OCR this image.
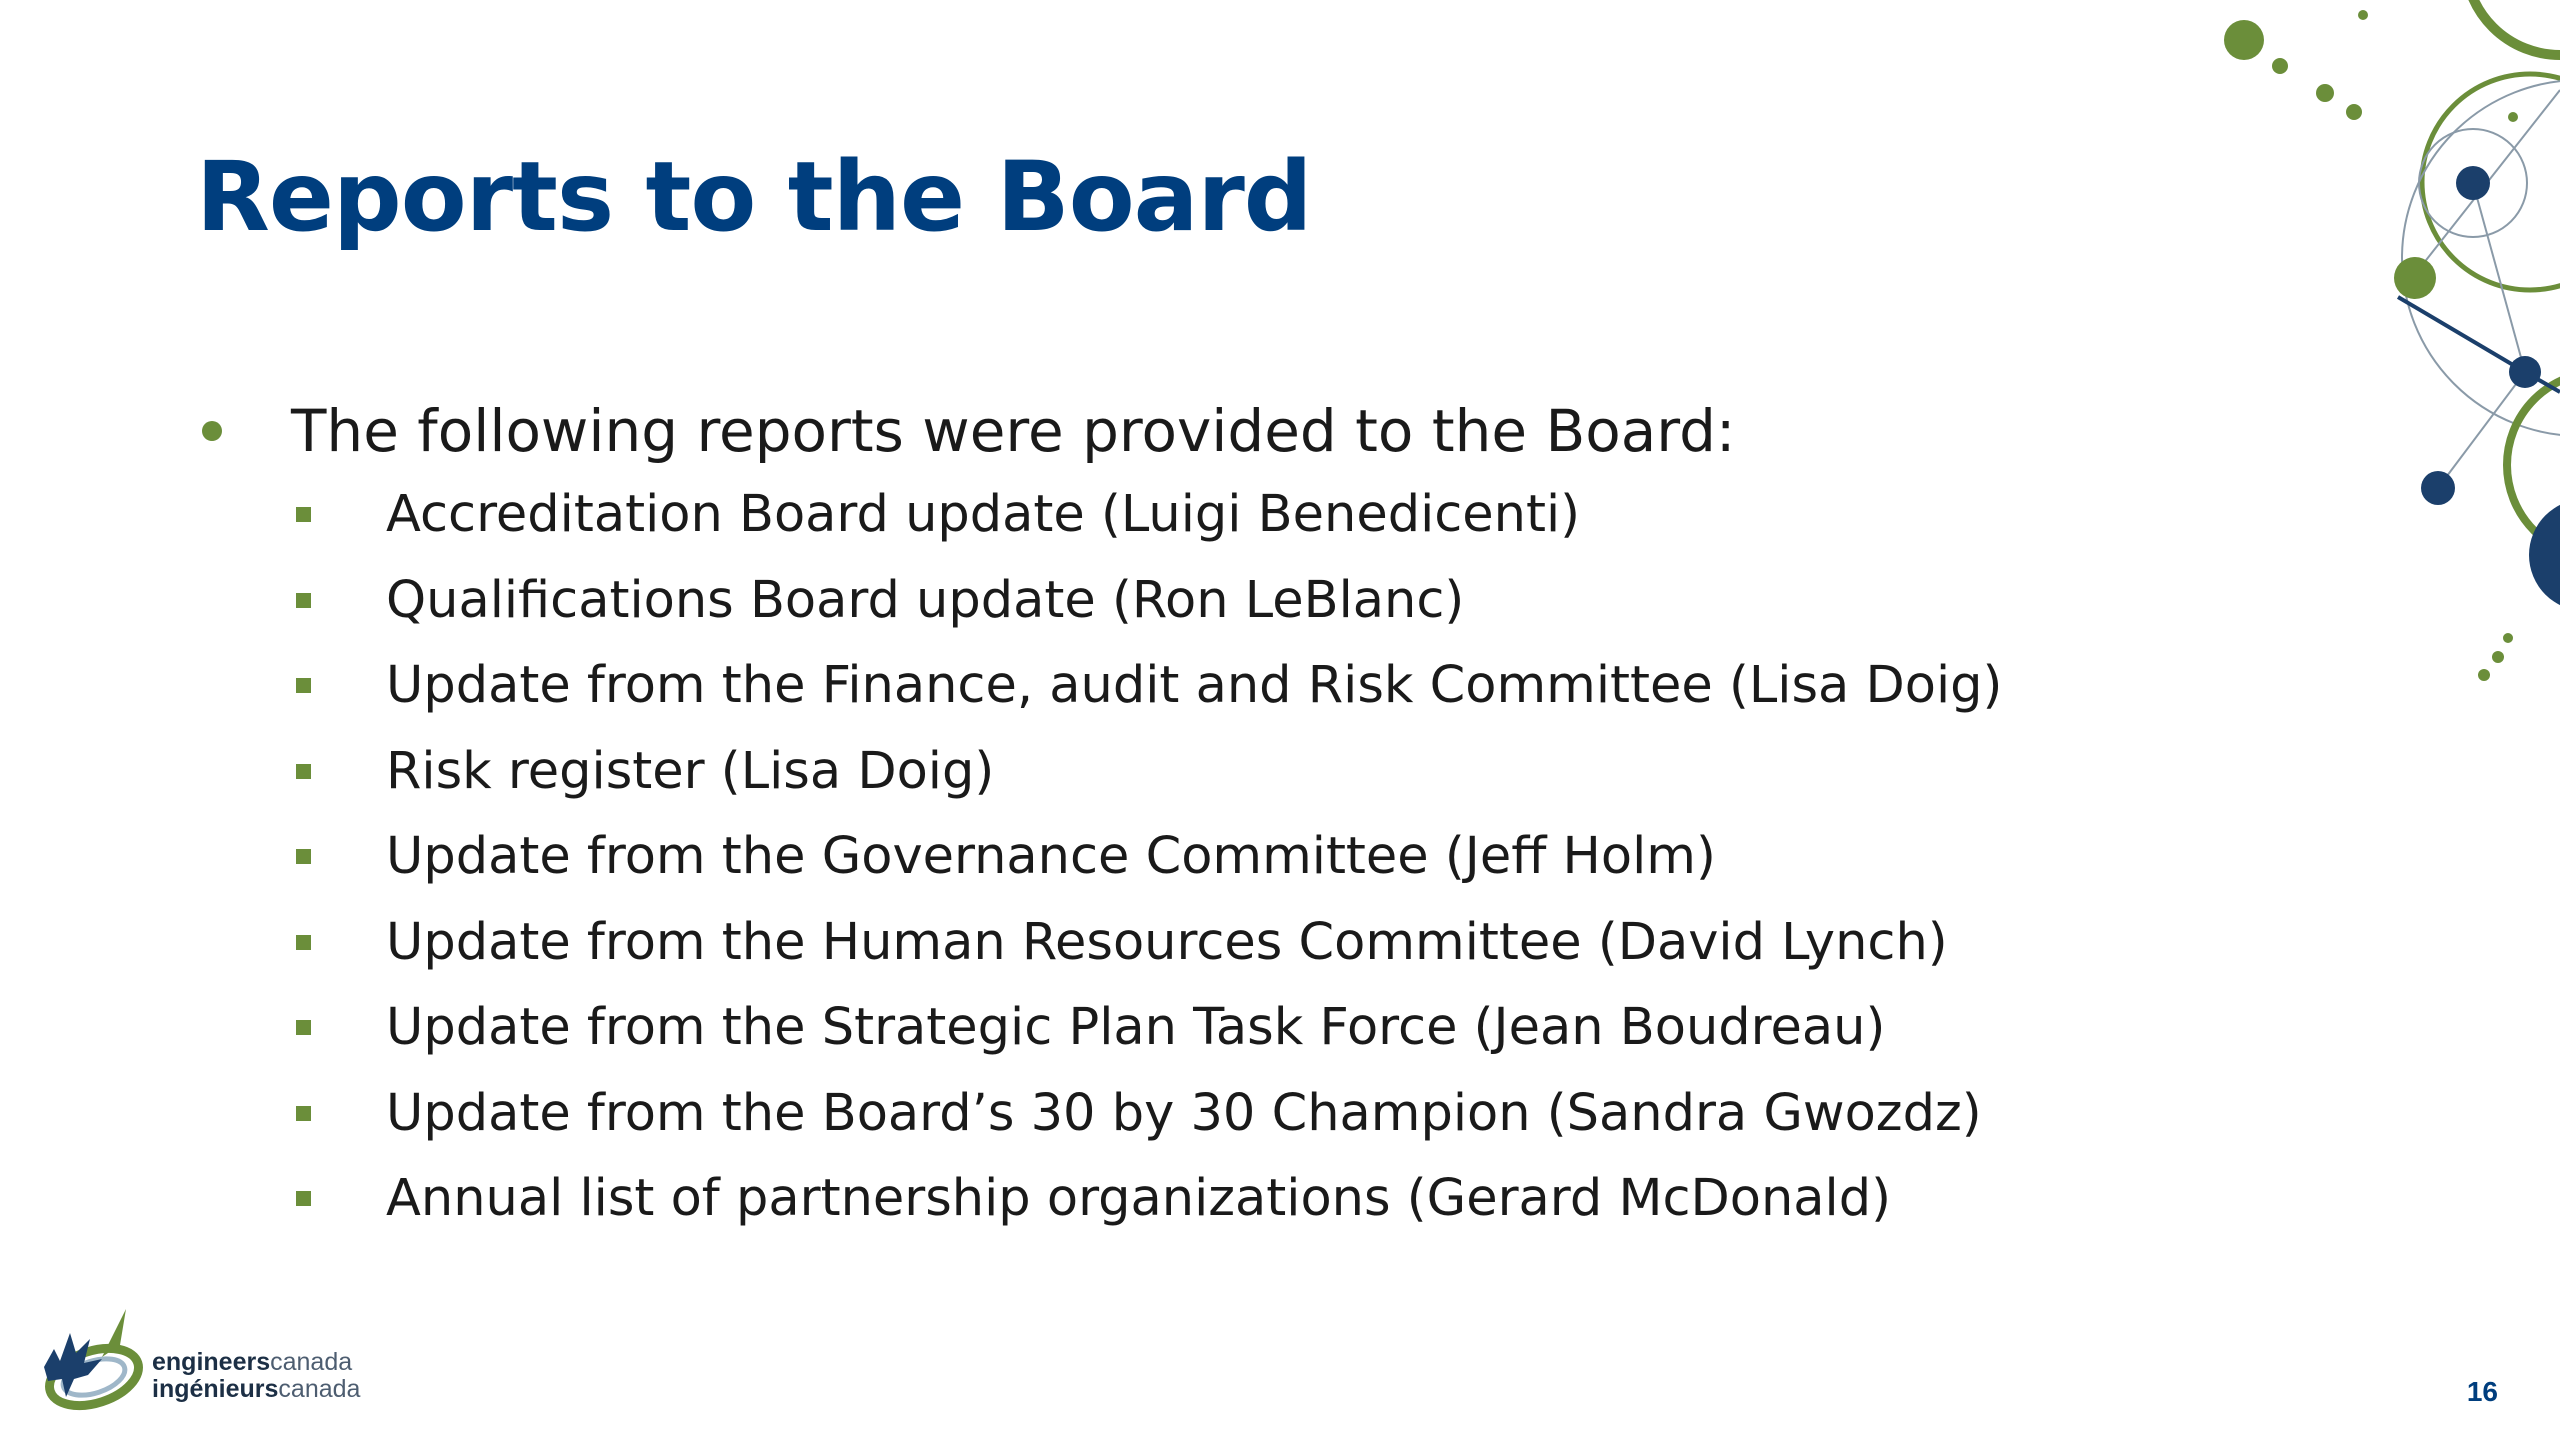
Reports to the Board
The following reports were provided to the Board:
Accreditation Board update (Luigi Benedicenti)
Qualifications Board update (Ron LeBlanc)
Update from the Finance, audit and Risk Committee (Lisa Doig)
Risk register (Lisa Doig)
Update from the Governance Committee (Jeff Holm)
Update from the Human Resources Committee (David Lynch)
Update from the Strategic Plan Task Force (Jean Boudreau)
Update from the Board’s 30 by 30 Champion (Sandra Gwozdz)
Annual list of partnership organizations (Gerard McDonald)
engineerscanada
ingénieurscanada	16
